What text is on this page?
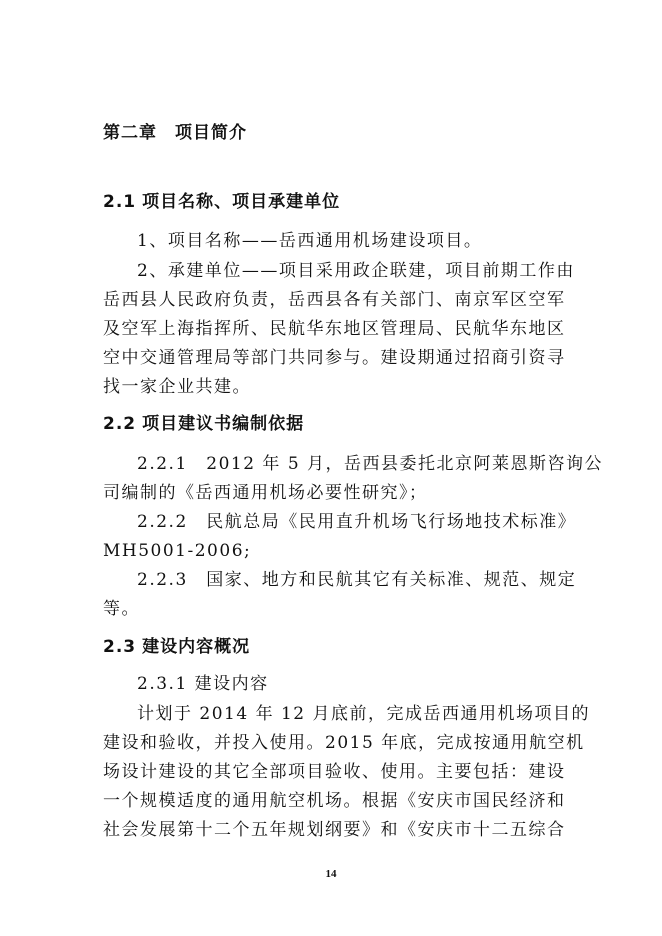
第二章 项目简介
2.1 项目名称、项目承建单位
1、项目名称——岳西通用机场建设项目。
2、承建单位——项目采用政企联建，项目前期工作由
岳西县人民政府负责，岳西县各有关部门、南京军区空军
及空军上海指挥所、民航华东地区管理局、民航华东地区
空中交通管理局等部门共同参与。建设期通过招商引资寻
找一家企业共建。
2.2 项目建议书编制依据
2.2.1　2012 年 5 月，岳西县委托北京阿莱恩斯咨询公
司编制的《岳西通用机场必要性研究》；
2.2.2　民航总局《民用直升机场飞行场地技术标准》
MH5001-2006;
2.2.3　国家、地方和民航其它有关标准、规范、规定
等。
2.3 建设内容概况
2.3.1 建设内容
计划于 2014 年 12 月底前，完成岳西通用机场项目的
建设和验收，并投入使用。2015 年底，完成按通用航空机
场设计建设的其它全部项目验收、使用。主要包括：建设
一个规模适度的通用航空机场。根据《安庆市国民经济和
社会发展第十二个五年规划纲要》和《安庆市十二五综合
14
